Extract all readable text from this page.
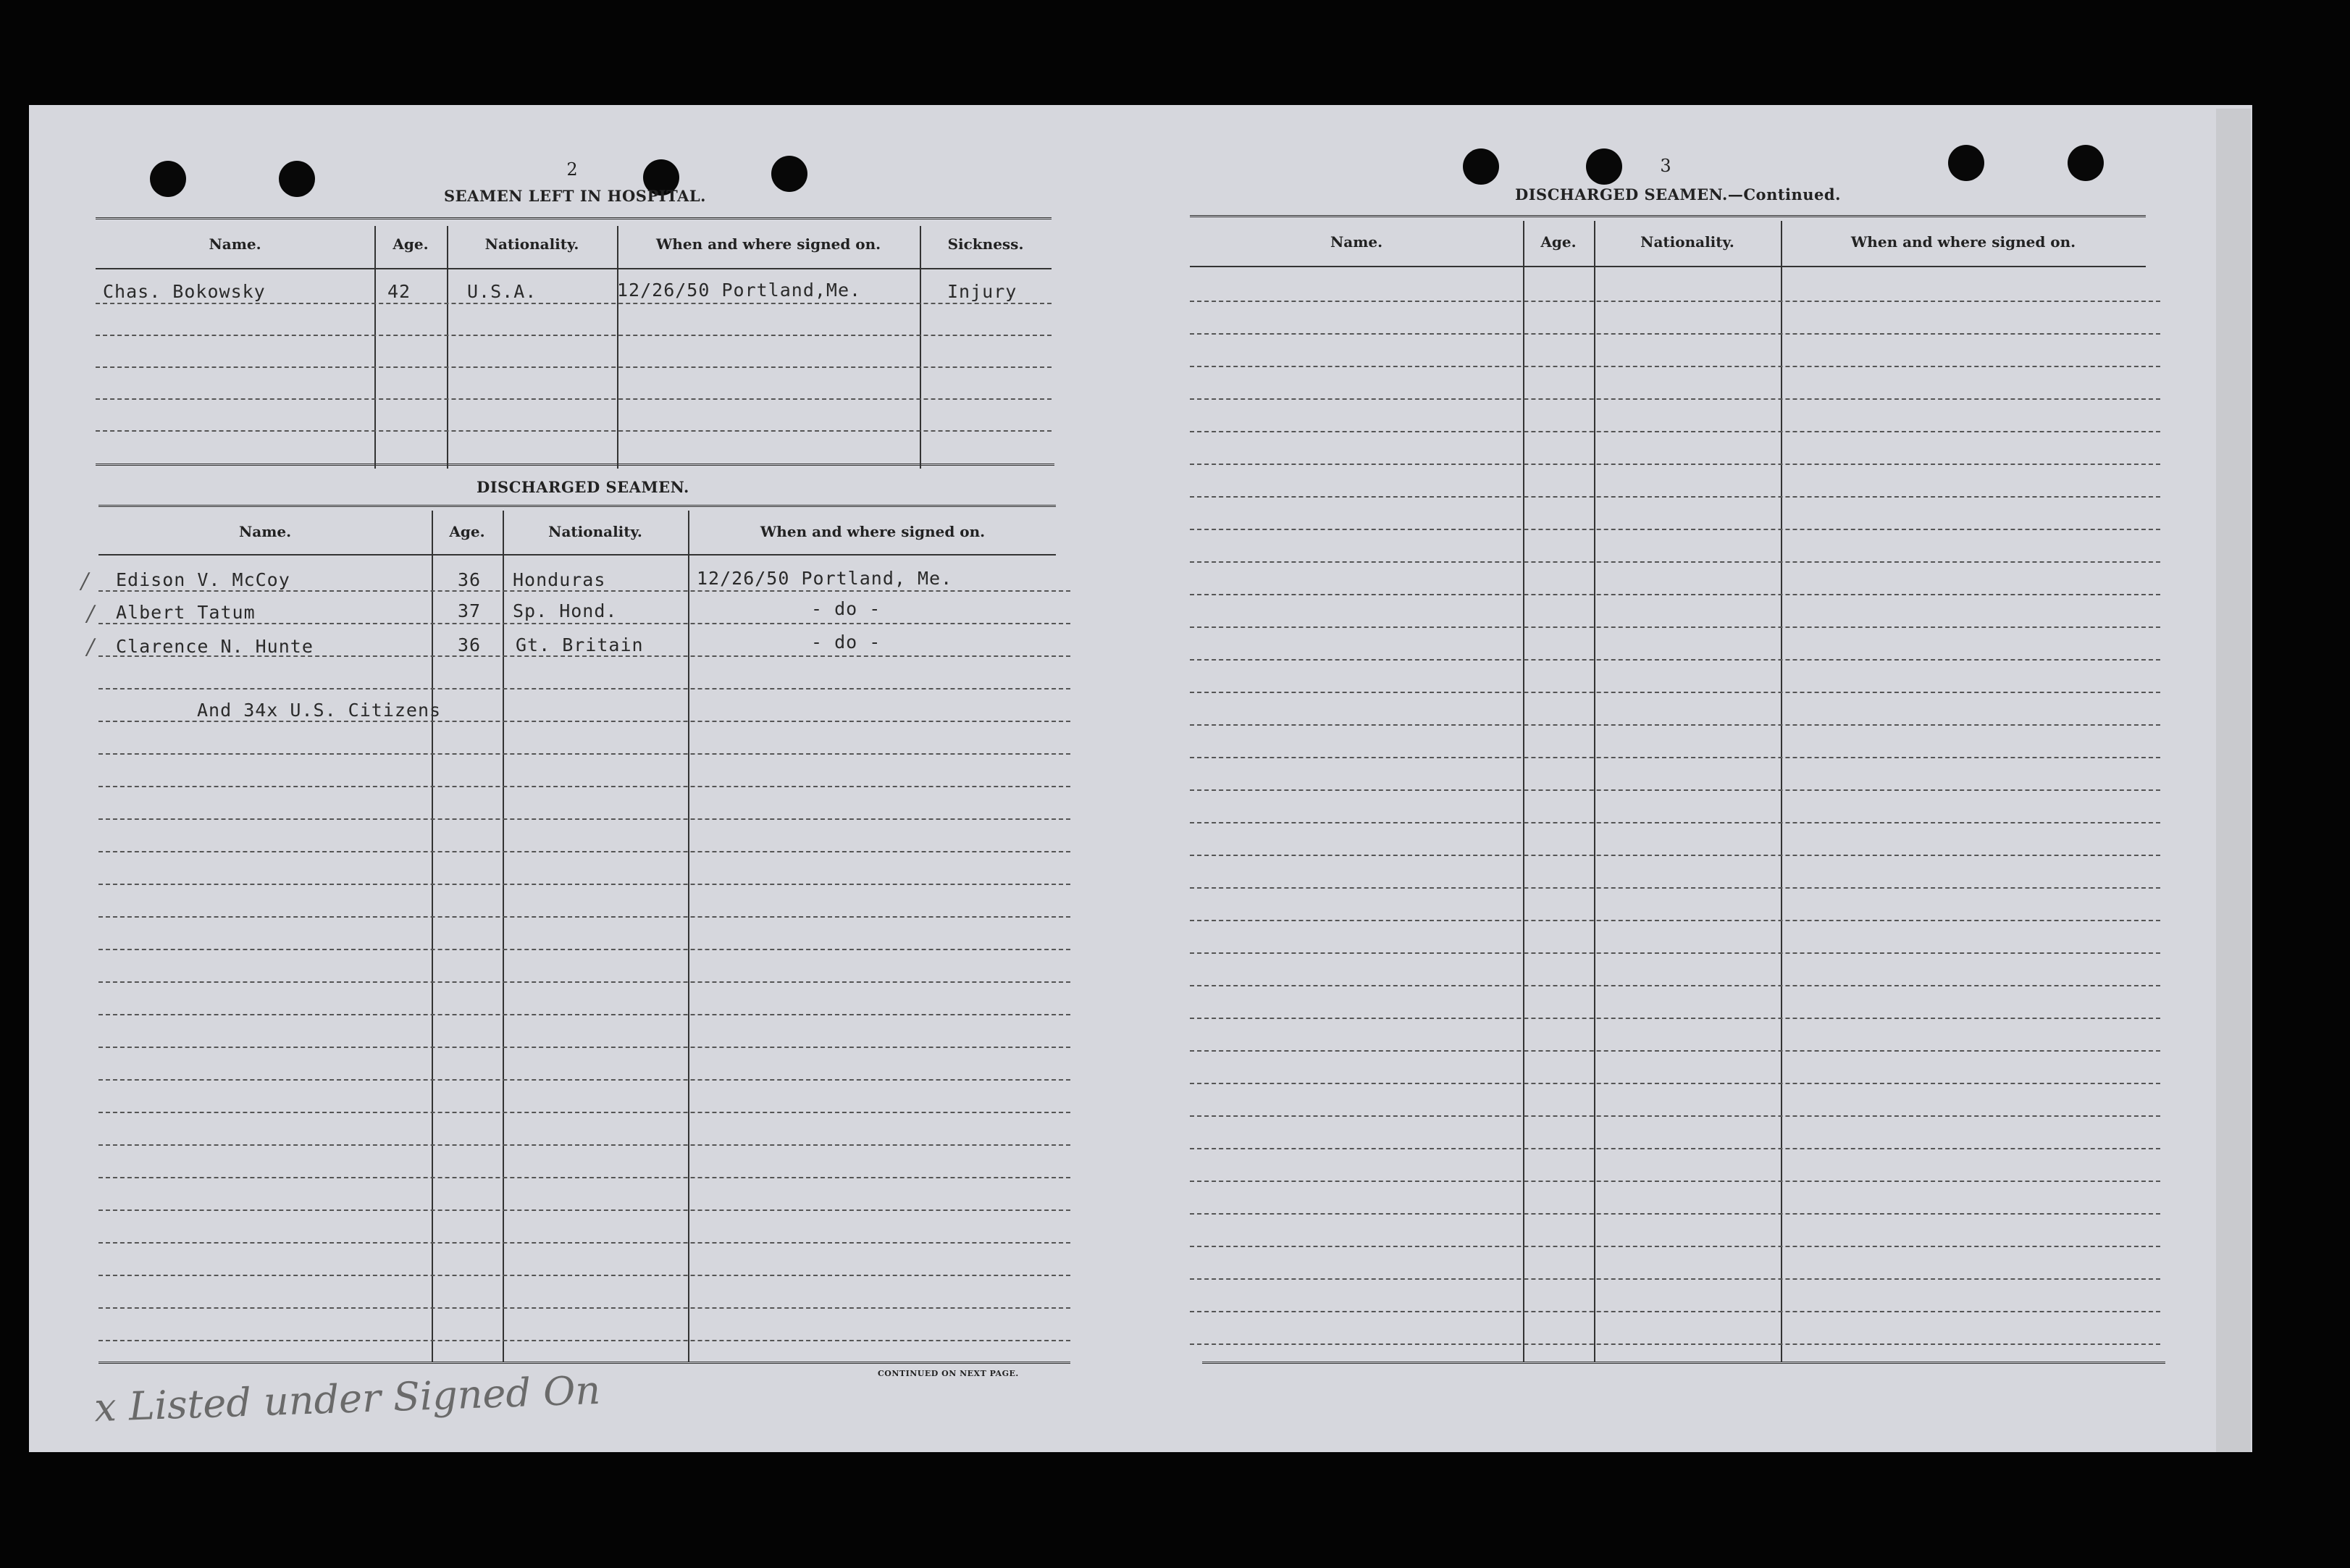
2
SEAMEN LEFT IN HOSPITAL.
Name.	Age.	Nationality.	When and where signed on.	Sickness.
Chas. Bokowsky	42	U.S.A.	12/26/50 Portland,Me.	Injury
DISCHARGED SEAMEN.
Name.	Age.	Nationality.	When and where signed on.
/
/
/
Edison V. McCoy	36 Honduras	12/26/50 Portland, Me.
Albert Tatum	37 Sp. Hond.	- do -
Clarence N. Hunte	36 Gt. Britain	- do -
And 34x U.S. Citizens
CONTINUED ON NEXT PAGE.
x Listed under Signed On
3
DISCHARGED SEAMEN.—Continued.
Name.	Age.	Nationality.	When and where signed on.
